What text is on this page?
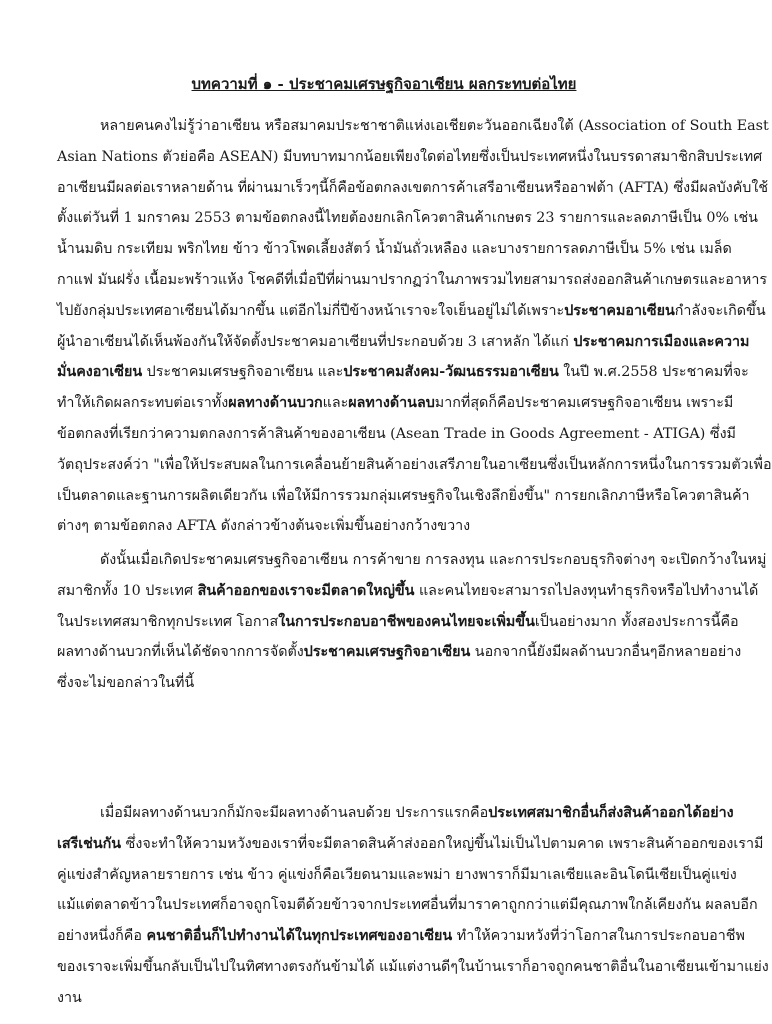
บทความที่ ๑ - ประชาคมเศรษฐกิจอาเซียน ผลกระทบต่อไทย
หลายคนคงไม่รู้ว่าอาเซียน หรือสมาคมประชาชาติแห่งเอเชียตะวันออกเฉียงใต้ (Association of South East
Asian Nations ตัวย่อคือ ASEAN) มีบทบาทมากน้อยเพียงใดต่อไทยซึ่งเป็นประเทศหนึ่งในบรรดาสมาชิกสิบประเทศ
อาเซียนมีผลต่อเราหลายด้าน ที่ผ่านมาเร็วๆนี้ก็คือข้อตกลงเขตการค้าเสรีอาเซียนหรืออาฟต้า (AFTA) ซึ่งมีผลบังคับใช้
ตั้งแต่วันที่ 1 มกราคม 2553 ตามข้อตกลงนี้ไทยต้องยกเลิกโควตาสินค้าเกษตร 23 รายการและลดภาษีเป็น 0% เช่น
น้ำนมดิบ กระเทียม พริกไทย ข้าว ข้าวโพดเลี้ยงสัตว์ น้ำมันถั่วเหลือง และบางรายการลดภาษีเป็น 5% เช่น เมล็ด
กาแฟ มันฝรั่ง เนื้อมะพร้าวแห้ง โชคดีที่เมื่อปีที่ผ่านมาปรากฏว่าในภาพรวมไทยสามารถส่งออกสินค้าเกษตรและอาหาร
ไปยังกลุ่มประเทศอาเซียนได้มากขึ้น แต่อีกไม่กี่ปีข้างหน้าเราจะใจเย็นอยู่ไม่ได้เพราะประชาคมอาเซียนกำลังจะเกิดขึ้น
ผู้นำอาเซียนได้เห็นพ้องกันให้จัดตั้งประชาคมอาเซียนที่ประกอบด้วย 3 เสาหลัก ได้แก่ ประชาคมการเมืองและความ
มั่นคงอาเซียน ประชาคมเศรษฐกิจอาเซียน และประชาคมสังคม-วัฒนธรรมอาเซียน ในปี พ.ศ.2558 ประชาคมที่จะ
ทำให้เกิดผลกระทบต่อเราทั้งผลทางด้านบวกและผลทางด้านลบมากที่สุดก็คือประชาคมเศรษฐกิจอาเซียน เพราะมี
ข้อตกลงที่เรียกว่าความตกลงการค้าสินค้าของอาเซียน (Asean Trade in Goods Agreement - ATIGA) ซึ่งมี
วัตถุประสงค์ว่า "เพื่อให้ประสบผลในการเคลื่อนย้ายสินค้าอย่างเสรีภายในอาเซียนซึ่งเป็นหลักการหนึ่งในการรวมตัวเพื่อ
เป็นตลาดและฐานการผลิตเดียวกัน เพื่อให้มีการรวมกลุ่มเศรษฐกิจในเชิงลึกยิ่งขึ้น" การยกเลิกภาษีหรือโควตาสินค้า
ต่างๆ ตามข้อตกลง AFTA ดังกล่าวข้างต้นจะเพิ่มขึ้นอย่างกว้างขวาง
ดังนั้นเมื่อเกิดประชาคมเศรษฐกิจอาเซียน การค้าขาย การลงทุน และการประกอบธุรกิจต่างๆ จะเปิดกว้างในหมู่
สมาชิกทั้ง 10 ประเทศ สินค้าออกของเราจะมีตลาดใหญ่ขึ้น และคนไทยจะสามารถไปลงทุนทำธุรกิจหรือไปทำงานได้
ในประเทศสมาชิกทุกประเทศ โอกาสในการประกอบอาชีพของคนไทยจะเพิ่มขึ้นเป็นอย่างมาก ทั้งสองประการนี้คือ
ผลทางด้านบวกที่เห็นได้ชัดจากการจัดตั้งประชาคมเศรษฐกิจอาเซียน นอกจากนี้ยังมีผลด้านบวกอื่นๆอีกหลายอย่าง
ซึ่งจะไม่ขอกล่าวในที่นี้
เมื่อมีผลทางด้านบวกก็มักจะมีผลทางด้านลบด้วย ประการแรกคือประเทศสมาชิกอื่นก็ส่งสินค้าออกได้อย่าง
เสรีเช่นกัน ซึ่งจะทำให้ความหวังของเราที่จะมีตลาดสินค้าส่งออกใหญ่ขึ้นไม่เป็นไปตามคาด เพราะสินค้าออกของเรามี
คู่แข่งสำคัญหลายรายการ เช่น ข้าว คู่แข่งก็คือเวียดนามและพม่า ยางพาราก็มีมาเลเซียและอินโดนีเซียเป็นคู่แข่ง
แม้แต่ตลาดข้าวในประเทศก็อาจถูกโจมตีด้วยข้าวจากประเทศอื่นที่มาราคาถูกกว่าแต่มีคุณภาพใกล้เคียงกัน ผลลบอีก
อย่างหนึ่งก็คือ คนชาติอื่นก็ไปทำงานได้ในทุกประเทศของอาเซียน ทำให้ความหวังที่ว่าโอกาสในการประกอบอาชีพ
ของเราจะเพิ่มขึ้นกลับเป็นไปในทิศทางตรงกันข้ามได้ แม้แต่งานดีๆในบ้านเราก็อาจถูกคนชาติอื่นในอาเซียนเข้ามาแย่ง
งาน
